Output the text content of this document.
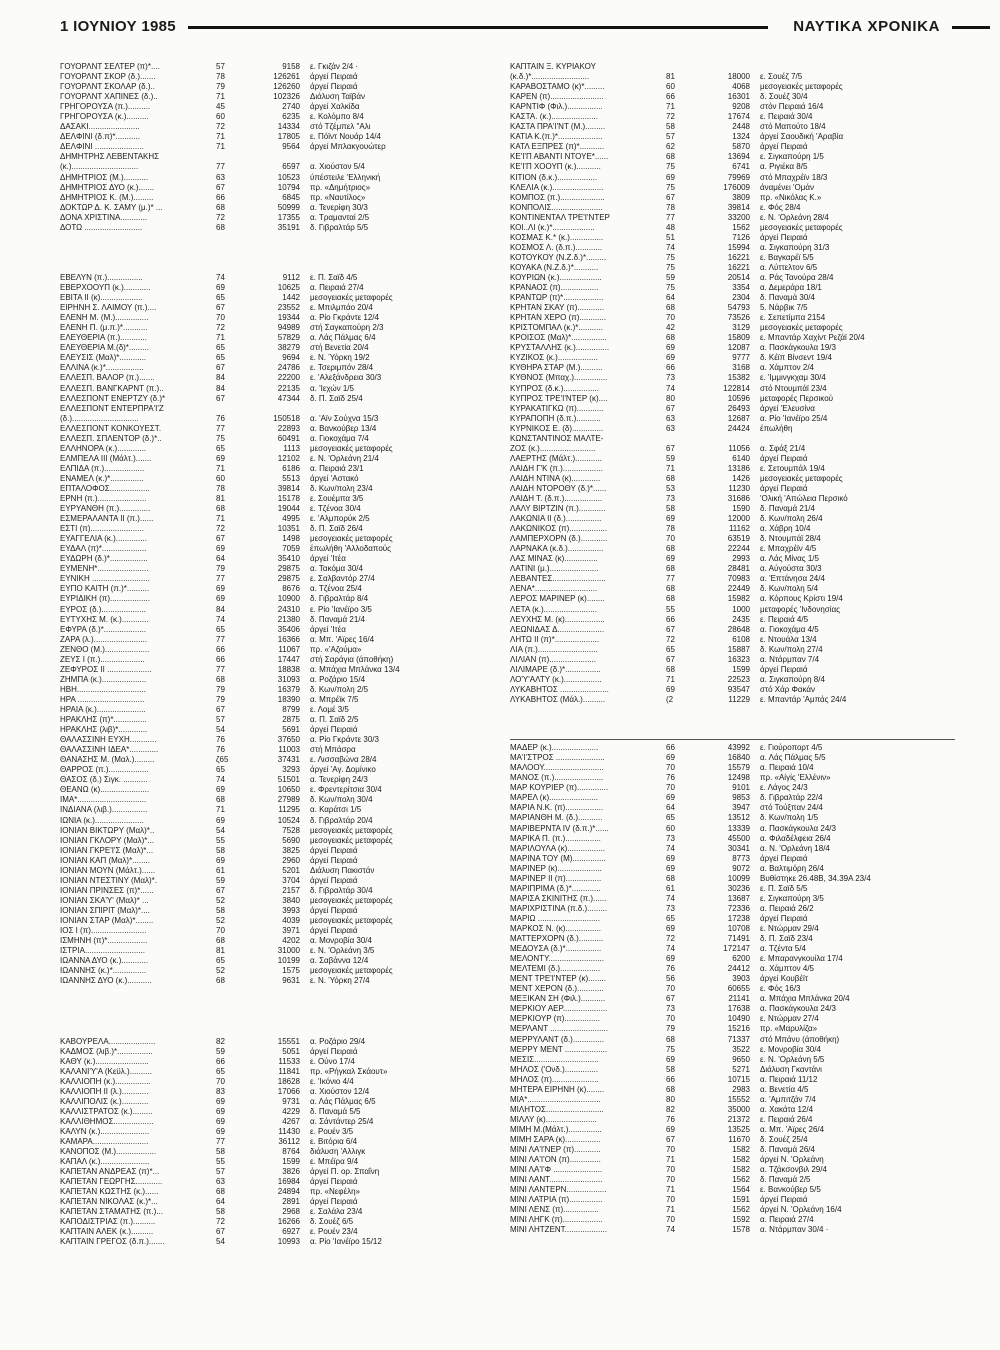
1 ΙΟΥΝΙΟΥ 1985	ΝΑΥΤΙΚΑ ΧΡΟΝΙΚΑ
ΓΟΥΟΡΛΝΤ ΣΕΛΤΕΡ (π)*....	57	9158	ε. Γκιζάν 2/4 ·
ΓΟΥΟΡΛΝΤ ΣΚΟΡ (δ.).......	78	126261	άργεί Πειραιά
ΓΟΥΟΡΛΝΤ ΣΚΟΛΑΡ (δ.)..	79	126260	άργεί Πειραιά
ΓΟΥΟΡΛΝΤ ΧΑΠΙΝΕΣ (δ.)..	71	102326	Διάλυση Ταϊβάν
ΓΡΗΓΟΡΟΥΣΑ (π.)..........	45	2740	άργεί Χαλκίδα
ΓΡΗΓΟΡΟΥΣΑ (κ.)..........	60	6235	ε. Κολόμπο 8/4
ΔΑΣΑΚΙ.......................	72	14334	στό Τζέμπελ "Αλι
ΔΕΛΦΙΝΙ (δ.π)*...........	71	17805	ε. Πόϊντ Νουάρ 14/4
ΔΕΛΦΙΝΙ ......................	71	9564	άργεί Μπλακγουώτερ
ΔΗΜΗΤΡΗΣ ΛΕΒΕΝΤΑΚΗΣ
(κ.)..............................	77	6597	α. Χιούστον 5/4
ΔΗΜΗΤΡΙΟΣ (Μ.)...........	63	10523	ύπέστειλε 'Ελληνική
ΔΗΜΗΤΡΙΟΣ ΔΥΟ (κ.).......	67	10794	πρ. «Δημήτριος»
ΔΗΜΗΤΡΙΟΣ Κ. (Μ.).........	66	6845	πρ. «Ναυτίλος»
ΔΟΚΤΩΡ Δ. Κ. ΣΑΜΥ (μ.)* ...	68	50999	α. Τενερίφη 30/3
ΔΟΝΑ ΧΡΙΣΤΙΝΑ............	72	17355	α. Τραμανταί 2/5
ΔΟΤΩ ..........................	68	35191	δ. Γιβραλτάρ 5/5
ΕΒΕΛΥΝ (π.)................	74	9112	ε. Π. Σαϊδ 4/5
ΕΒΕΡΧΟΟΥΠ (κ.)............	69	10625	α. Πειραιά 27/4
ΕΒΙΤΑ ΙΙ (κ)...................	65	1442	μεσογειακές μεταφορές
ΕΙΡΗΝΗ Σ. ΛΑΙΜΟΥ (π.)....	67	23552	ε. Μπιλμπάο 20/4
ΕΛΕΝΗ Μ. (Μ.)...............	70	19344	α. Ρίο Γκράντε 12/4
ΕΛΕΝΗ Π. (μ.π.)*...........	72	94989	στή Σαγκαπούρη 2/3
ΕΛΕΥΘΕΡΙΑ (π.)............	71	57829	α. Λάς Πάλμας 6/4
ΕΛΕΥΘΕΡΙΑ Μ.(δ)*.........	65	38279	στή Βενετία 20/4
ΕΛΕΥΣΙΣ (Μαλ)*............	65	9694	ε. Ν. Ύόρκη 19/2
ΕΛΛΙΝΑ (κ.)*.................	67	24786	ε. Τσεριμπόν 28/4
ΕΛΛΕΣΠ. ΒΑΛΟΡ (π.).......	84	22200	ε. 'Αλεξάνδρεια 30/3
ΕΛΛΕΣΠ. ΒΑΝΓΚΑΡΝΤ (π.)..	84	22135	α. 'Ιεχών 1/5
ΕΛΛΕΣΠΟΝΤ ΕΝΕΡΤΖΥ (δ.)*	67	47344	δ. Π. Σαϊδ 25/4
ΕΛΛΕΣΠΟΝΤ ΕΝΤΕΡΠΡΑ'Ι'Ζ
(δ.)..............................	76	150518	α. 'Αϊν Σούχνα 15/3
ΕΛΛΕΣΠΟΝΤ ΚΟΝΚΟΥΕΣΤ.	77	22893	α. Βανκούβερ 13/4
ΕΛΛΕΣΠ. ΣΠΛΕΝΤΟΡ (δ.)*..	75	60491	α. Γιοκοχάμα 7/4
ΕΛΛΗΝΟΡΑ (κ.).............	65	1113	μεσογειακές μεταφορές
ΕΛΜΠΕΛΑ ΙΙΙ (Μάλτ.).......	69	12102	ε. Ν. 'Ορλεάνη 21/4
ΕΛΠΙΔΑ (π.)..................	71	6186	α. Πειραιά 23/1
ΕΝΑΜΕΛ (κ.)*...............	60	5513	άργεί 'Αστακό
ΕΠΤΑΛΟΦΟΣ..................	78	39814	δ. Κων/πολη 23/4
ΕΡΝΗ (π.)......................	81	15178	ε. Σουέμπα 3/5
ΕΥΡΥΑΝΘΗ (π.)..............	68	19044	ε. Τζένοα 30/4
ΕΣΜΕΡΑΛΑΝΤΑ ΙΙ (π.)......	71	4995	ε. 'Αλμπορύκ 2/5
ΕΣΤΙ (π)........................	72	10351	δ. Π. Σαϊδ 26/4
ΕΥΑΓΓΕΛΙΑ (κ.)..............	67	1498	μεσογειακές μεταφορές
ΕΥΔΑΛ (π)*....................	69	7059	έπωλήθη 'Αλλοδαπούς
ΕΥΔΩΡΗ (δ.)*.................	64	35410	άργεί 'Ιτέα
ΕΥΜΕΝΗ*.......................	79	29875	α. Τακόμα 30/4
ΕΥΝΙΚΗ ..........................	77	29875	ε. Σαλβαντόρ 27/4
ΕΥΠΟ ΚΑΙΤΗ (π.)*..........	69	8676	α. Τζένοα 25/4
ΕΥΡΙΔΙΚΗ (π)..................	69	10900	δ. Γιβραλτάρ 8/4
ΕΥΡΟΣ (δ.)....................	84	24310	ε. Ρίο 'Ιανέϊρο 3/5
ΕΥΤΥΧΗΣ Μ. (κ.)............	74	21380	δ. Παναμά 21/4
ΕΦΥΡΑ (δ.)*...................	65	35406	άργεί 'Ιτέα
ΖΑΡΑ (λ.)........................	77	16366	α. Μπ. 'Αϊρες 16/4
ΖΕΝΘΟ (Μ.)....................	66	11067	πρ. «'Αζούμα»
ΖΕΥΣ Ι (π.)....................	66	17447	στή Σαράγια (άποθήκη)
ΖΕΦΥΡΟΣ ΙΙ ....................	77	18838	α. Μπάχια Μπλάνκα 13/4
ΖΗΜΠΑ (κ.)....................	68	31093	α. Ροζάριο 15/4
ΗΒΗ...............................	79	16379	δ. Κων/πολη 2/5
ΗΡΑ ..............................	79	18390	α. Μπρέϊκ 7/5
ΗΡΑΙΑ (κ.)......................	67	8799	ε. Λομέ 3/5
ΗΡΑΚΛΗΣ (π)*...............	57	2875	α. Π. Σαϊδ 2/5
ΗΡΑΚΛΗΣ (λιβ)*.............	54	5691	άργεί Πειραιά
ΘΑΛΑΣΣΙΝΗ ΕΥΧΗ............	76	37650	α. Ρίο Γκράντε 30/3
ΘΑΛΑΣΣΙΝΗ ΙΔΕΑ*.............	76	11003	στή Μπάσρα
ΘΑΝΑΣΗΣ Μ. (Μαλ.).........	ζ65	37431	ε. Λισσαβώνα 28/4
ΘΑΡΡΟΣ (π.)..................	65	3293	άργεί 'Αγ. Δομίνικο
ΘΑΣΟΣ (δ.) Σιγκ. ...........	74	51501	α. Τενερίφη 24/3
ΘΕΑΝΩ (κ)......................	69	10650	ε. Φρεντερίτσια 30/4
ΙΜΑ*...............................	68	27989	δ. Κων/πολη 30/4
ΙΝΔΙΑΝΑ (λιβ.)................	71	11295	α. Καράτσι 1/5
ΙΩΝΙΑ (κ.)......................	69	10524	δ. Γιβραλτάρ 20/4
ΙΟΝΙΑΝ ΒΙΚΤΩΡΥ (Μαλ)*..	54	7528	μεσογειακές μεταφορές
ΙΟΝΙΑΝ ΓΚΛΟΡΥ (Μαλ)*...	55	5690	μεσογειακές μεταφορές
ΙΟΝΙΑΝ ΓΚΡΕ'Ι'Σ (Μαλ)*...	58	3825	άργεί Πειραιά
ΙΟΝΙΑΝ ΚΑΠ (Μαλ)*........	69	2960	άργεί Πειραιά
ΙΟΝΙΑΝ ΜΟΥΝ (Μάλτ.)......	61	5201	Διάλυση Πακιστάν
ΙΟΝΙΑΝ ΝΤΕΣΤΙΝΥ (Μαλ)*.	59	3704	άργεί Πειραιά
ΙΟΝΙΑΝ ΠΡΙΝΣΕΣ (π)*......	67	2157	δ. Γιβραλτάρ 30/4
ΙΟΝΙΑΝ ΣΚΑ'Υ' (Μαλ)* ...	52	3840	μεσογειακές μεταφορές
ΙΟΝΙΑΝ ΣΠΙΡΙΤ (Μαλ)*....	58	3993	άργεί Πειραιά
ΙΟΝΙΑΝ ΣΤΑΡ (Μαλ)*........	52	4039	μεσογειακές μεταφορές
ΙΟΣ Ι (π).........................	70	3971	άργεί Πειραιά
ΙΣΜΗΝΗ (π)*..................	68	4202	α. Μονροβία 30/4
ΙΣΤΡΙΑ...........................	81	31000	ε. Ν. 'Ορλεάνη 3/5
ΙΩΑΝΝΑ ΔΥΟ (κ.)............	65	10199	α. Σαβάννα 12/4
ΙΩΑΝΝΗΣ (κ.)*...............	52	1575	μεσογειακές μεταφορές
ΙΩΑΝΝΗΣ ΔΥΟ (κ.)...........	68	9631	ε. Ν. Ύόρκη 27/4
ΚΑΒΟΥΡΕΛΑ.....................	82	15551	α. Ροζάριο 29/4
ΚΑΔΜΟΣ (λιβ.)*................	59	5051	άργεί Πειραιά
ΚΑΘΥ (κ.)........................	66	11533	ε. Ούνο 17/4
ΚΑΛΑΝΙ'Υ'Α (Κεϋλ.)..........	65	11841	πρ. «Ρήγκαλ Σκάουτ»
ΚΑΛΛΙΟΠΗ (κ.)................	70	18628	ε. 'Ικόνιο 4/4
ΚΑΛΛΙΟΠΗ ΙΙ (λ.)............	83	17066	α. Χιούστον 12/4
ΚΑΛΛΙΠΟΛΙΣ (κ.)............	69	9731	α. Λάς Πάλμας 6/5
ΚΑΛΛΙΣΤΡΑΤΟΣ (κ.).........	69	4229	δ. Παναμά 5/5
ΚΑΛΛΙΘΗΜΟΣ..................	69	4267	α. Σάντάντερ 25/4
ΚΑΛΥΝ (κ.)......................	69	11430	ε. Ρουέν 3/5
ΚΑΜΑΡΑ.........................	77	36112	ε. Βιτόρια 6/4
ΚΑΝΟΠΟΣ (Μ.)..................	58	8764	διάλυση 'Αλλιγκ
ΚΑΠΑΛ (κ.)......................	55	1599	ε. Μπέϊρα 9/4
ΚΑΠΕΤΑΝ ΑΝΔΡΕΑΣ (π)*...	57	3826	άργεί Π. ορ. Σπαΐνη
ΚΑΠΕΤΑΝ ΓΕΩΡΓΗΣ............	63	16984	άργεί Πειραιά
ΚΑΠΕΤΑΝ ΚΩΣΤΗΣ (κ.)......	68	24894	πρ. «Νεφέλη»
ΚΑΠΕΤΑΝ ΝΙΚΟΛΑΣ (κ.)*...	64	2891	άργεί Πειραιά
ΚΑΠΕΤΑΝ ΣΤΑΜΑΤΗΣ (π.)...	58	2968	ε. Σαλάλα 23/4
ΚΑΠΟΔΙΣΤΡΙΑΣ (π.)..........	72	16266	δ. Σουέζ 6/5
ΚΑΠΤΑΙΝ ΑΛΕΚ (κ.)..........	67	6927	ε. Ρουέν 23/4
ΚΑΠΤΑΙΝ ΓΡΕΓΟΣ (δ.π.).......	54	10993	α. Ρίο 'Ιανέϊρο 15/12
ΚΑΠΤΑΙΝ Ξ. ΚΥΡΙΑΚΟΥ
(κ.δ.)*..........................	81	18000	ε. Σουέζ 7/5
ΚΑΡΑΒΟΣΤΑΜΟ (κ)*.........	60	4068	μεσογειακές μεταφορές
ΚΑΡΕΝ (π)........................	66	16301	δ. Σουέζ 30/4
ΚΑΡΝΤΙΦ (Φιλ.)................	71	9208	στόν Πειραιά 16/4
ΚΑΣΤΑ. (κ.).....................	72	17674	ε. Πειραιά 30/4
ΚΑΣΤΑ ΠΡΑ'Ι'ΝΤ (Μ.).........	58	2448	στό Μαπούτο 18/4
ΚΑΤΙΑ Κ.(π.)*....................	57	1324	άργεί Σαουδική 'Αραβία
ΚΑΤΛ ΕΞΠΡΕΣ (π)*...........	62	5870	άργεί Πειραιά
ΚΕ'Ι'Π ΑΒΑΝΤΙ ΝΤΟΥΕ*......	68	13694	ε. Σιγκαπούρη 1/5
ΚΕ'Ι'Π ΧΟΟΥΠ (κ.)...........	75	6741	α. Ριγιέκα 8/5
ΚΙΤΙΟΝ (δ.κ.)..................	69	79969	στό Μπαχρέϊν 18/3
ΚΛΕΛΙΑ (κ.).......................	75	176009	άναμένει 'Ομάν
ΚΟΜΠΟΣ (π.)....................	67	3809	πρ. «Νικόλας Κ.»
ΚΟΝΠΟΛΙΣ.......................	78	39814	ε. Φός 28/4
ΚΟΝΤΙΝΕΝΤΑΛ ΤΡΕ'Ι'ΝΤΕΡ	77	33200	ε. Ν. 'Ορλεάνη 28/4
ΚΟΙ..ΛΙ (κ.)*...................	48	1562	μεσογειακές μεταφορές
ΚΟΣΜΑΣ Κ.* (κ.)...............	51	7126	άργεί Πειραιά
ΚΟΣΜΟΣ Λ. (δ.π.)............	74	15994	α. Σιγκαπούρη 31/3
ΚΟΤΟΥΚΟΥ (Ν.Ζ.δ.)*.........	75	16221	ε. Βαγκαρέϊ 5/5
ΚΟΥΑΚΑ (Ν.Ζ.δ.)*...........	75	16221	α. Λύττελτον 6/5
ΚΟΥΡΙΩΝ (κ.)...................	59	20514	α. Ράς Τανούρα 28/4
ΚΡΑΝΑΟΣ (π).................	75	3354	α. Δεμεράρα 18/1
ΚΡΑΝΤΩΡ (π)*..................	64	2304	δ. Παναμά 30/4
ΚΡΗΤΑΝ ΣΚΑΥ (π)............	68	54793	5. Νάρβικ 7/5
ΚΡΗΤΑΝ ΧΕΡΟ (π)............	70	73526	ε. Σεπετίμπα 2154
ΚΡΙΣΤΟΜΠΑΛ (κ.)*...........	42	3129	μεσογειακές μεταφορές
ΚΡΟΙΣΟΣ (Μαλ)*................	68	15809	ε. Μπαντάρ Χαχίντ Ρεζάϊ 20/4
ΚΡΥΣΤΑΛΛΗΣ (κ.)...............	69	12087	α. Πασκάγκουλα 19/3
ΚΥΖΙΚΟΣ (κ.)..................	69	9777	δ. Κέϊπ Βίνσεντ 19/4
ΚΥΘΗΡΑ ΣΤΑΡ (Μ.)..........	66	3168	α. Χάμπτον 2/4
ΚΥΘΝΟΣ (Μπαχ.)...............	73	15382	ε. 'Ιμμινγκχαμ 30/4
ΚΥΠΡΟΣ (δ.κ.)................	74	122814	στό Ντουμπάϊ 23/4
ΚΥΠΡΟΣ ΤΡΕ'Ι'ΝΤΕΡ (κ)....	80	10596	μεταφορές Περσικού
ΚΥΡΑΚΑΤΙΓΚΩ (π)............	67	26493	άργεί 'Ελευσίνα
ΚΥΡΑΠΟΠΗ (δ.π.)...........	63	12687	α. Ρίο 'Ιανέϊρο 25/4
ΚΥΡΝΙΚΟΣ Ε. (δ)..............	63	24424	έπωλήθη
ΚΩΝΣΤΑΝΤΙΝΟΣ ΜΑΛΤΕ-
ΖΟΣ (κ.).........................	67	11056	α. Σφάξ 21/4
ΛΑΕΡΤΗΣ (Μάλτ.)............	59	6140	άργεί Πειραιά
ΛΑΙΔΗ Γ'Κ (π.)..................	71	13186	ε. Σετουμπάλ 19/4
ΛΑΙΔΗ ΝΤΙΝΑ (κ).............	68	1426	μεσογειακές μεταφορές
ΛΑΙΔΗ ΝΤΟΡΟΘΥ (δ.)*......	53	11230	άργεί Πειραιά
ΛΑΙΔΗ Τ. (δ.π.).................	73	31686	'Ολική 'Απώλεια Περσικό
ΛΑΛΥ ΒΙΡΤΖΙΝ (π.)............	58	1590	δ. Παναμά 21/4
ΛΑΚΩΝΙΑ ΙΙ (δ.)................	69	12000	δ. Κων/πολη 26/4
ΛΑΚΩΝΙΚΟΣ (π).................	78	11162	α. Χάβρη 10/4
ΛΑΜΠΕΡΧΟΡΝ (δ.)............	70	63519	δ. Ντουμπάϊ 28/4
ΛΑΡΝΑΚΑ (κ.δ.)................	68	22244	ε. Μπαχρέϊν 4/5
ΛΑΣ ΜΙΝΑΣ (κ)...............	69	2993	α. Λάς Μίνας 1/5
ΛΑΤΙΝΙ (μ.)......................	68	28481	α. Αύγούστα 30/3
ΛΕΒΑΝΤΕΣ........................	77	70983	α. 'Επτάνησα 24/4
ΛΕΝΑ*............................	68	22449	δ. Κων/πολη 5/4
ΛΕΡΟΣ ΜΑΡΙΝΕΡ (κ)........	68	15982	α. Κόρπους Κρίστι 19/4
ΛΕΤΑ (κ.)........................	55	1000	μεταφορές 'Ινδονησίας
ΛΕΥΧΗΣ Μ. (κ)..................	66	2435	ε. Πειραιά 4/5
ΛΕΩΝΙΔΑΣ Δ.....................	67	28648	α. Γιοκοχάμα 4/5
ΛΗΤΩ ΙΙ (π)*....................	72	6108	ε. Ντουάλα 13/4
ΛΙΑ (π.)...........................	65	15887	δ. Κων/πολη 27/4
ΛΙΛΙΑΝ (π).....................	67	16323	α. Ντάρμπαν 7/4
ΛΙΛΙΜΑΡΕ (δ.)*................	68	1599	άργεί Πειραιά
ΛΟ'Υ'ΑΛΤΥ (κ.).................	71	22523	α. Σιγκαπούρη 8/4
ΛΥΚΑΒΗΤΟΣ ......................	69	93547	στό Χάρ Φακάν
ΛΥΚΑΒΗΤΟΣ (Μάλ.)..........	(2	11229	ε. Μπαντάρ 'Αμπάς 24/4
ΜΑΔΕΡ (κ.).....................	66	43992	ε. Γιούροπορτ 4/5
ΜΑ'Ι'ΣΤΡΟΣ ......................	69	16840	α. Λάς Πάλμας 5/5
ΜΑΛΟΟΥ...........................	70	15579	α. Πειραιά 10/4
ΜΑΝΟΣ (π.)......................	76	12498	πρ. «Αίγίς 'Ελλένιν»
ΜΑΡ ΚΟΥΡΙΕΡ (π)..............	70	9101	ε. Λάγος 24/3
ΜΑΡΕΛ (κ)......................	69	9853	δ. Γιβραλτάρ 22/4
ΜΑΡΙΑ Ν.Κ. (π).................	64	3947	στό Τούξπαν 24/4
ΜΑΡΙΑΝΘΗ Μ. (δ.)...........	65	13512	δ. Κων/πολη 1/5
ΜΑΡΙΒΕΡΝΤΑ IV (δ.π.)*......	60	13339	α. Πασκάγκουλα 24/3
ΜΑΡΙΚΑ Π. (π.)................	73	45500	α. Φιλαδέλφεια 26/4
ΜΑΡΙΛΟΥΛΑ (κ).................	74	30341	α. Ν. 'Ορλεάνη 18/4
ΜΑΡΙΝΑ ΤΟΥ (Μ)...............	69	8773	άργεί Πειραιά
ΜΑΡΙΝΕΡ (κ)....................	69	9072	α. Βαλτιμόρη 26/4
ΜΑΡΙΝΕΡ ΙΙ (π)................	68	10099	Βυθίστηκε 26.48Β, 34.39Α 23/4
ΜΑΡΙΠΡΙΜΑ (δ.)*.............	61	30236	ε. Π. Σαϊδ 5/5
ΜΑΡΙΣΑ ΣΚΙΝΙΤΗΣ (π.)......	74	13687	ε. Σιγκαπούρη 3/5
ΜΑΡΙΧΡΙΣΤΙΝΑ (π.δ.).........	73	72336	α. Πειραιά 26/2
ΜΑΡΙΩ ............................	65	17238	άργεί Πειραιά
ΜΑΡΚΟΣ Ν. (κ)................	69	10708	ε. Ντώρμαν 29/4
ΜΑΤΤΕΡΧΟΡΝ (δ.)...........	72	71491	δ. Π. Σαϊδ 23/4
ΜΕΔΟΥΣΑ (δ.)*................	74	172147	α. Τζέντα 5/4
ΜΕΛΟΝΤΥ.........................	69	6200	ε. Μπαρανγκουίλα 17/4
ΜΕΛΤΕΜΙ (δ.)..................	76	24412	α. Χάμπτον 4/5
ΜΕΝΤ ΤΡΕ'Ι'ΝΤΕΡ (κ)........	56	3903	άργεί Κουβέϊτ
ΜΕΝΤ ΧΕΡΟΝ (δ.)............	70	60655	ε. Φός 16/3
ΜΕΞΙΚΑΝ ΣΗ (Φιλ.)...........	67	21141	α. Μπάχια Μπλάνκα 20/4
ΜΕΡΚΙΟΥ ΑΕΡ....................	73	17638	α. Πασκάγκουλα 24/3
ΜΕΡΚΙΟΥΡ (π)................	70	10490	ε. Ντώρμαν 27/4
ΜΕΡΛΑΝΤ ..........................	79	15216	πρ. «Μαρυλίζα»
ΜΕΡΡΥΛΑΝΤ (δ.)..............	68	71337	στό Μπάνυ (άποθήκη)
ΜΕΡΡΥ ΜΕΝΤ ...................	75	3522	ε. Μονροβία 30/4
ΜΕΣΙΣ.............................	69	9650	ε. Ν. 'Ορλεάνη 5/5
ΜΗΛΟΣ ('Ονδ.)...............	58	5271	Διάλυση Γκαντάνι
ΜΗΛΟΣ (π).....................	66	10715	α. Πειραιά 11/12
ΜΗΤΕΡΑ ΕΙΡΗΝΗ (κ)........	68	2983	α. Βενετία 4/5
ΜΙΑ*.................................	80	15552	α. 'Αμπιτζάν 7/4
ΜΙΛΗΤΟΣ..........................	82	35000	α. Χακάτα 12/4
ΜΙΛΛΥ (κ).......................	76	21372	ε. Πειραιά 26/4
ΜΙΜΗ Μ.(Μάλτ.)...............	69	13525	α. Μπ. 'Αϊρες 26/4
ΜΙΜΗ ΣΑΡΑ (κ)................	67	11670	δ. Σουέζ 25/4
ΜΙΝΙ ΛΑ'Ι'ΝΕΡ (π)............	70	1582	δ. Παναμά 26/4
ΜΙΝΙ ΛΑ'Ι'ΟΝ (π)..............	71	1582	άργεί Ν. 'Ορλεάνη
ΜΙΝΙ ΛΑ'Ι'Φ ......................	70	1582	α. Τζάκσονβιλ 29/4
ΜΙΝΙ ΛΑΝΤ........................	70	1562	δ. Παναμά 2/5
ΜΙΝΙ ΛΑΝΤΕΡΝ..................	71	1564	ε. Βανκούβερ 5/5
ΜΙΝΙ ΛΑΤΡΙΑ (π)...............	70	1591	άργεί Πειραιά
ΜΙΝΙ ΛΕΝΣ (π)................	71	1562	άργεί Ν. 'Ορλεάνη 16/4
ΜΙΝΙ ΛΗΓΚ (π)..................	70	1592	α. Πειραιά 27/4
ΜΙΝΙ ΛΗΤΖΕΝΤ...................	74	1578	α. Ντάρμπαν 30/4 ·
